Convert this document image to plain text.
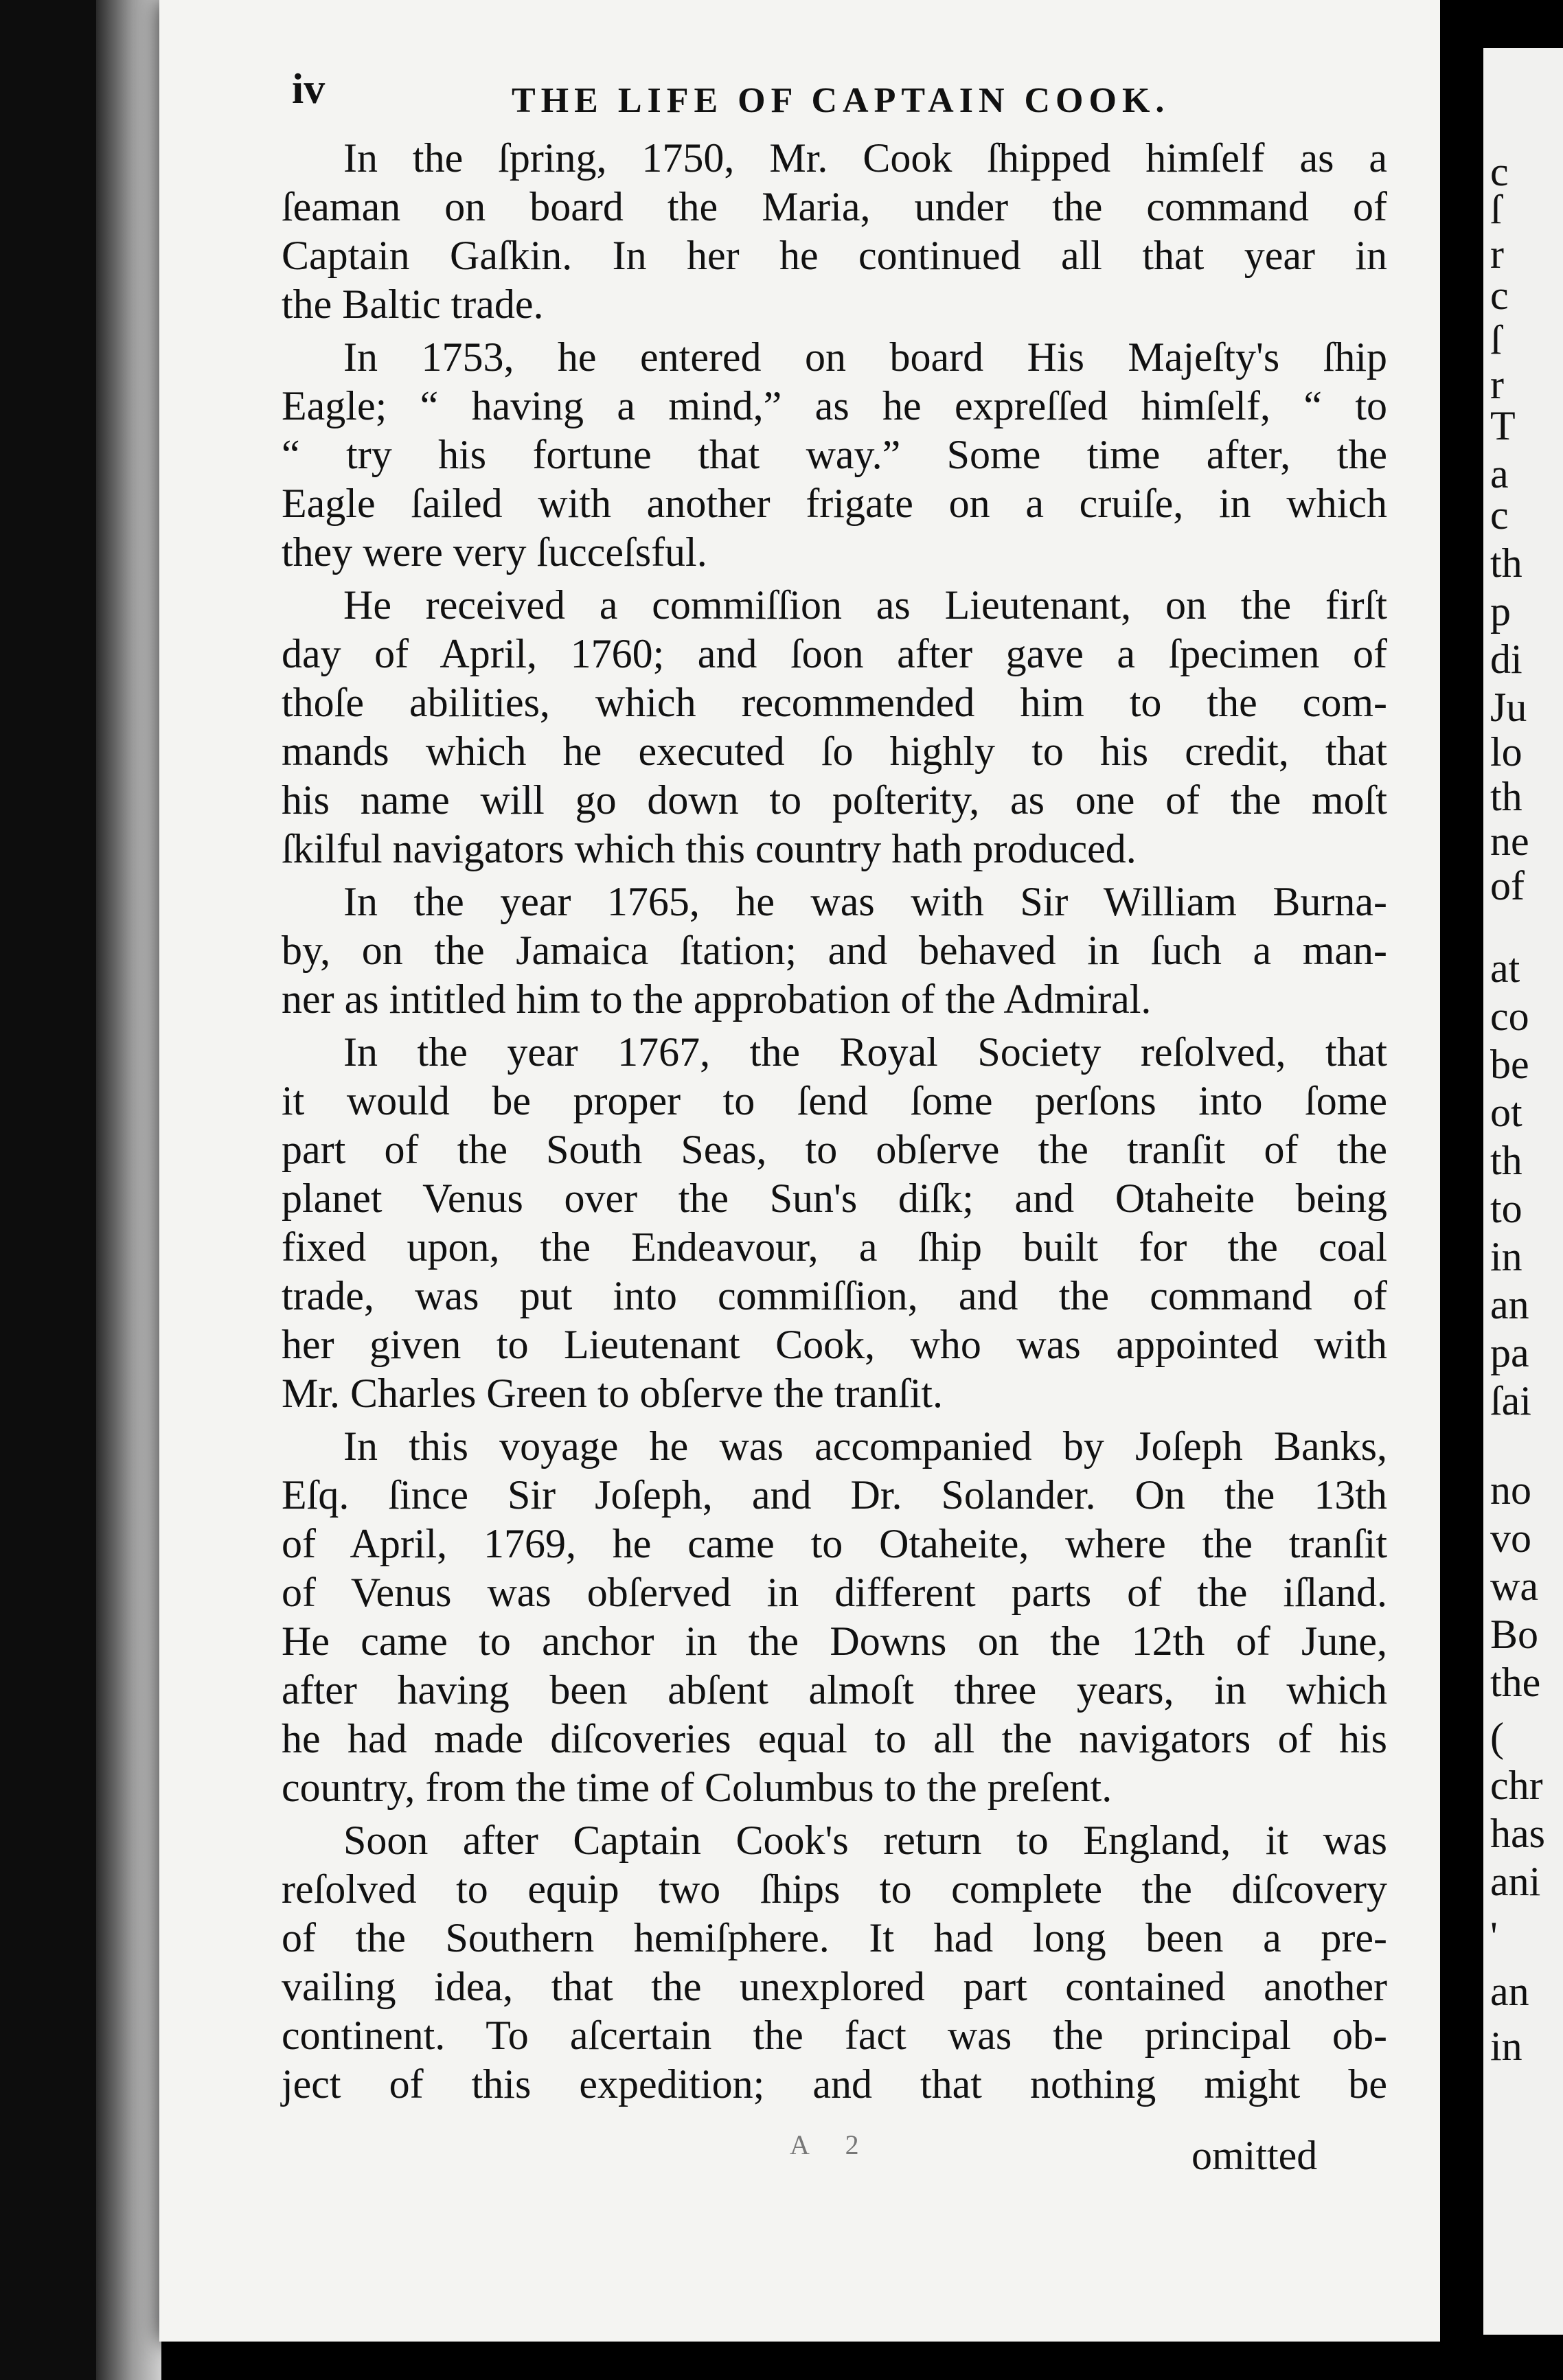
iv	THE LIFE OF CAPTAIN COOK.
In the ſpring, 1750, Mr. Cook ſhipped himſelf as a
ſeaman on board the Maria, under the command of
Captain Gaſkin. In her he continued all that year in
the Baltic trade.
In 1753, he entered on board His Majeſty's ſhip
Eagle; “ having a mind,” as he expreſſed himſelf, “ to
“ try his fortune that way.” Some time after, the
Eagle ſailed with another frigate on a cruiſe, in which
they were very ſucceſsful.
He received a commiſſion as Lieutenant, on the firſt
day of April, 1760; and ſoon after gave a ſpecimen of
thoſe abilities, which recommended him to the com-
mands which he executed ſo highly to his credit, that
his name will go down to poſterity, as one of the moſt
ſkilful navigators which this country hath produced.
In the year 1765, he was with Sir William Burna-
by, on the Jamaica ſtation; and behaved in ſuch a man-
ner as intitled him to the approbation of the Admiral.
In the year 1767, the Royal Society reſolved, that
it would be proper to ſend ſome perſons into ſome
part of the South Seas, to obſerve the tranſit of the
planet Venus over the Sun's diſk; and Otaheite being
fixed upon, the Endeavour, a ſhip built for the coal
trade, was put into commiſſion, and the command of
her given to Lieutenant Cook, who was appointed with
Mr. Charles Green to obſerve the tranſit.
In this voyage he was accompanied by Joſeph Banks,
Eſq. ſince Sir Joſeph, and Dr. Solander. On the 13th
of April, 1769, he came to Otaheite, where the tranſit
of Venus was obſerved in different parts of the iſland.
He came to anchor in the Downs on the 12th of June,
after having been abſent almoſt three years, in which
he had made diſcoveries equal to all the navigators of his
country, from the time of Columbus to the preſent.
Soon after Captain Cook's return to England, it was
reſolved to equip two ſhips to complete the diſcovery
of the Southern hemiſphere. It had long been a pre-
vailing idea, that the unexplored part contained another
continent. To aſcertain the fact was the principal ob-
ject of this expedition; and that nothing might be
A 2	omitted
c
ſ
r
c
ſ
r
T
a
c
th
p
di
Ju
lo
th
ne
of
at
co
be
ot
th
to
in
an
pa
ſai
no
vo
wa
Bo
the
(
chr
has
ani
'
an
in
